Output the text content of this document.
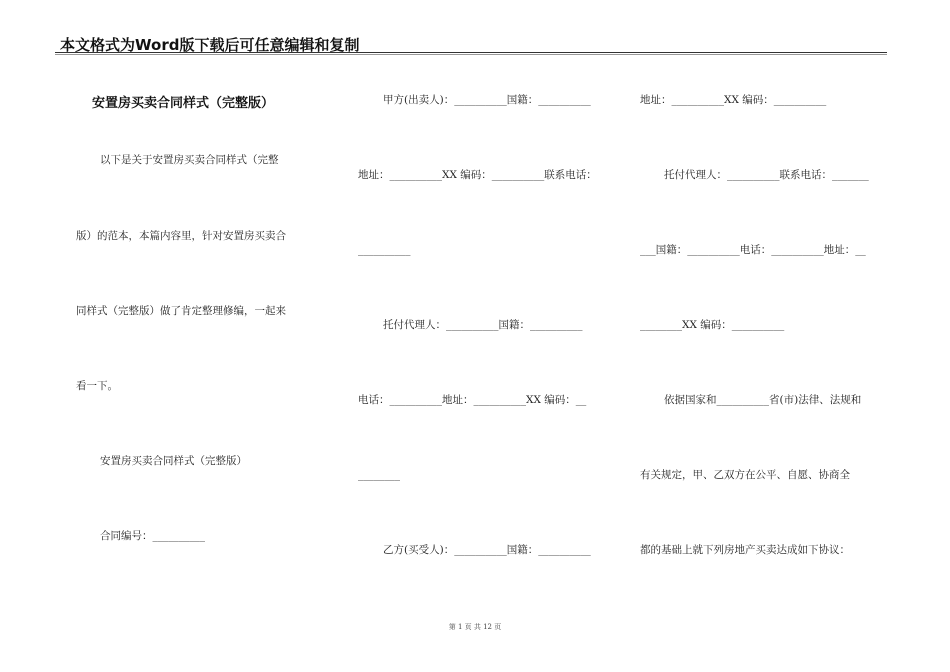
本文格式为Word版下载后可任意编辑和复制
安置房买卖合同样式（完整版）
以下是关于安置房买卖合同样式（完整
版）的范本，本篇内容里，针对安置房买卖合
同样式（完整版）做了肯定整理修编，一起来
看一下。
安置房买卖合同样式（完整版）
合同编号：__________
甲方(出卖人)：__________国籍：__________
地址：__________XX 编码：__________联系电话：
__________
托付代理人：__________国籍：__________
电话：__________地址：__________XX 编码：__
________
乙方(买受人)：__________国籍：__________
地址：__________XX 编码：__________
托付代理人：__________联系电话：_______
___国籍：__________电话：__________地址：__
________XX 编码：__________
依据国家和__________省(市)法律、法规和
有关规定，甲、乙双方在公平、自愿、协商全
都的基础上就下列房地产买卖达成如下协议：
第 1 页 共 12 页
